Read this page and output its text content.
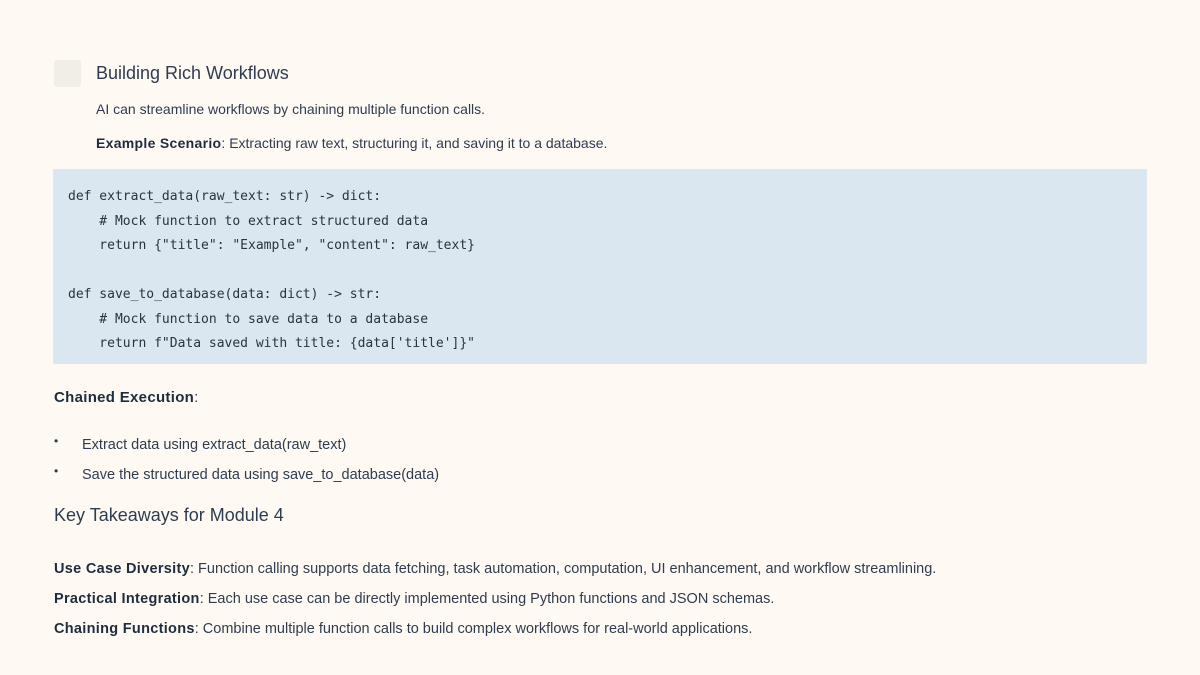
Building Rich Workflows
AI can streamline workflows by chaining multiple function calls.
Example Scenario: Extracting raw text, structuring it, and saving it to a database.
def extract_data(raw_text: str) -> dict:
# Mock function to extract structured data
return {"title": "Example", "content": raw_text}
def save_to_database(data: dict) -> str:
# Mock function to save data to a database
return f"Data saved with title: {data['title']}"
Chained Execution:
• Extract data using extract_data(raw_text)
• Save the structured data using save_to_database(data)
Key Takeaways for Module 4
Use Case Diversity: Function calling supports data fetching, task automation, computation, UI enhancement, and workflow streamlining.
Practical Integration: Each use case can be directly implemented using Python functions and JSON schemas.
Chaining Functions: Combine multiple function calls to build complex workflows for real-world applications.
